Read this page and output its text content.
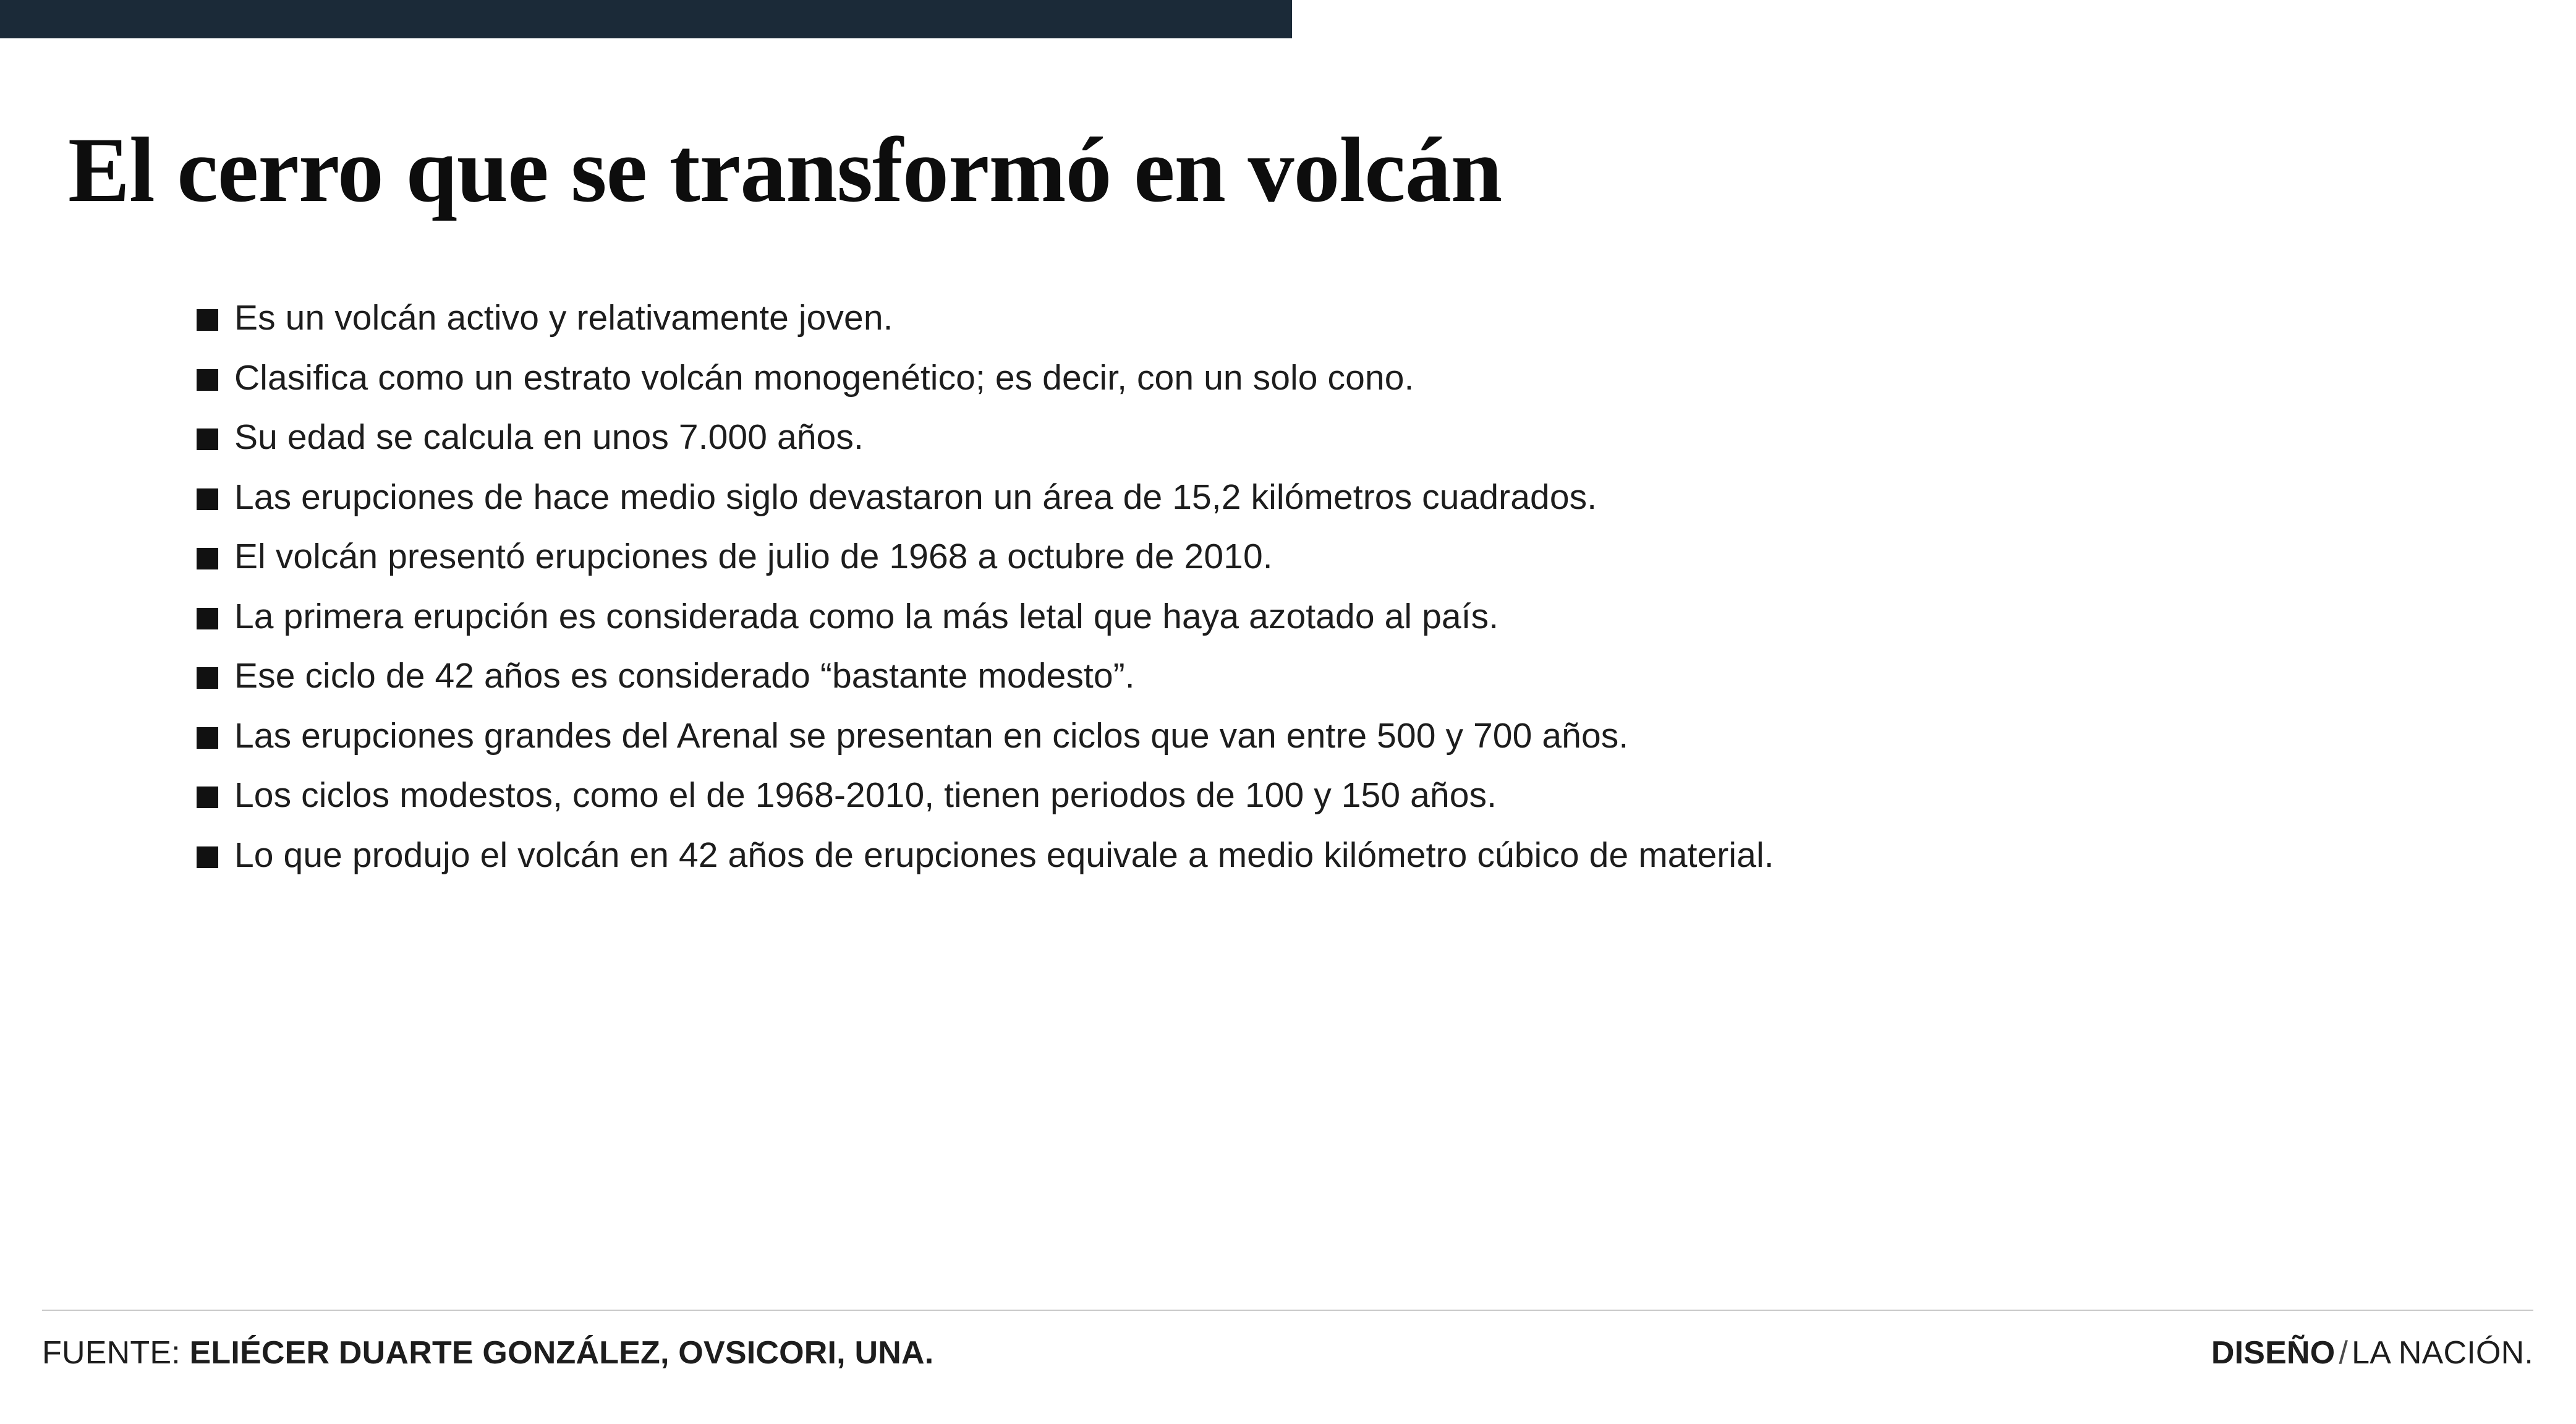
El cerro que se transformó en volcán
Es un volcán activo y relativamente joven.
Clasifica como un estrato volcán monogenético; es decir, con un solo cono.
Su edad se calcula en unos 7.000 años.
Las erupciones de hace medio siglo devastaron un área de 15,2 kilómetros cuadrados.
El volcán presentó erupciones de julio de 1968 a octubre de 2010.
La primera erupción es considerada como la más letal que haya azotado al país.
Ese ciclo de 42 años es considerado “bastante modesto”.
Las erupciones grandes del Arenal se presentan en ciclos que van entre 500 y 700 años.
Los ciclos modestos, como el de 1968-2010, tienen periodos de 100 y 150 años.
Lo que produjo el volcán en 42 años de erupciones equivale a medio kilómetro cúbico de material.
FUENTE: ELIÉCER DUARTE GONZÁLEZ, OVSICORI, UNA.	DISEÑO / LA NACIÓN.
